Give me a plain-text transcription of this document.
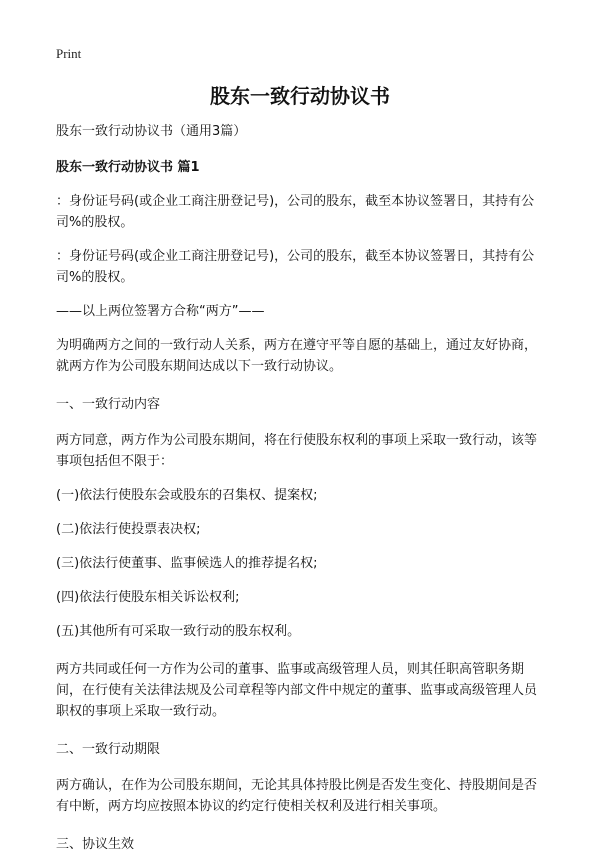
Print
股东一致行动协议书

股东一致行动协议书（通用3篇）

股东一致行动协议书 篇1

：身份证号码(或企业工商注册登记号)，公司的股东，截至本协议签署日，其持有公司%的股权。

：身份证号码(或企业工商注册登记号)，公司的股东，截至本协议签署日，其持有公司%的股权。

——以上两位签署方合称“两方”——

为明确两方之间的一致行动人关系，两方在遵守平等自愿的基础上，通过友好协商，就两方作为公司股东期间达成以下一致行动协议。

一、一致行动内容

两方同意，两方作为公司股东期间，将在行使股东权利的事项上采取一致行动，该等事项包括但不限于：

(一)依法行使股东会或股东的召集权、提案权;

(二)依法行使投票表决权;

(三)依法行使董事、监事候选人的推荐提名权;

(四)依法行使股东相关诉讼权利;

(五)其他所有可采取一致行动的股东权利。

两方共同或任何一方作为公司的董事、监事或高级管理人员，则其任职高管职务期间，在行使有关法律法规及公司章程等内部文件中规定的董事、监事或高级管理人员职权的事项上采取一致行动。

二、一致行动期限

两方确认，在作为公司股东期间，无论其具体持股比例是否发生变化、持股期间是否有中断，两方均应按照本协议的约定行使相关权利及进行相关事项。

三、协议生效
